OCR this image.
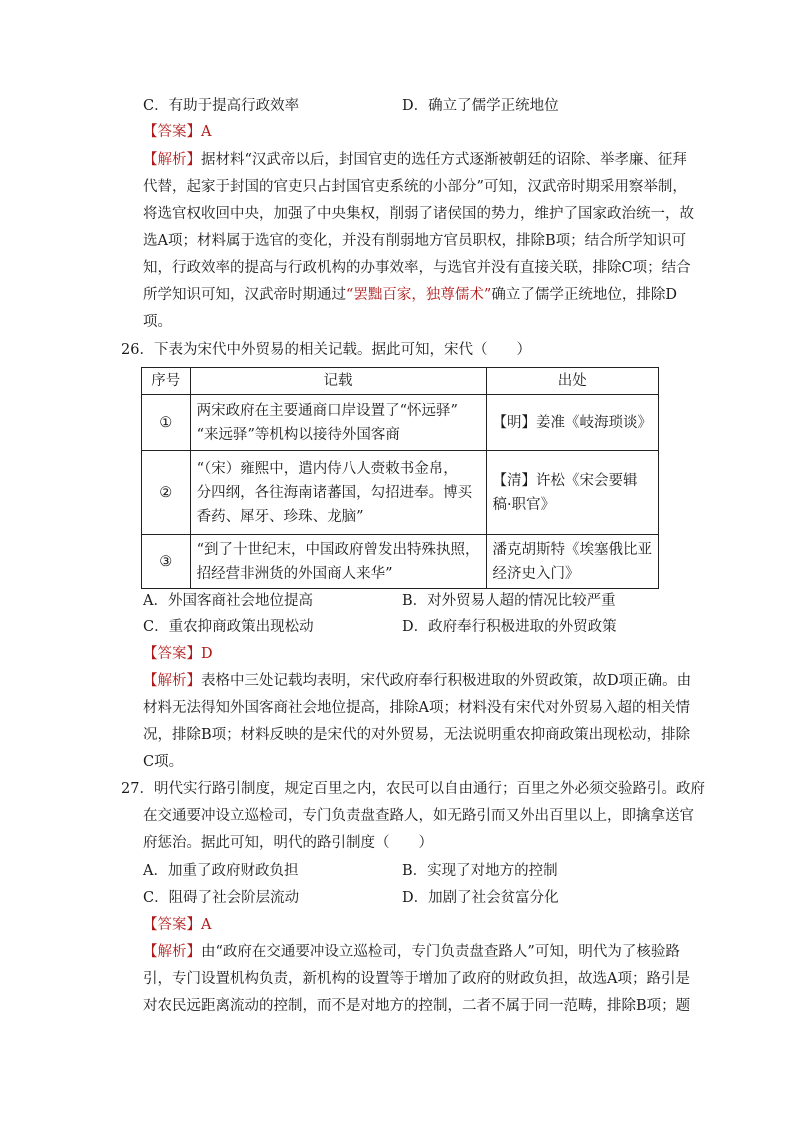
C．有助于提高行政效率	D．确立了儒学正统地位
【答案】A
【解析】据材料“汉武帝以后，封国官吏的选任方式逐渐被朝廷的诏除、举孝廉、征拜
代替，起家于封国的官吏只占封国官吏系统的小部分”可知，汉武帝时期采用察举制，
将选官权收回中央，加强了中央集权，削弱了诸侯国的势力，维护了国家政治统一，故
选A项；材料属于选官的变化，并没有削弱地方官员职权，排除B项；结合所学知识可
知，行政效率的提高与行政机构的办事效率，与选官并没有直接关联，排除C项；结合
所学知识可知，汉武帝时期通过“罢黜百家，独尊儒术”确立了儒学正统地位，排除D
项。
26．下表为宋代中外贸易的相关记载。据此可知，宋代（　　）
序号	记载	出处
①	两宋政府在主要通商口岸设置了“怀远驿”
“来远驿”等机构以接待外国客商	【明】姜准《岐海琐谈》

②	“（宋）雍熙中，遣内侍八人赍敕书金帛，
分四纲，各往海南诸蕃国，勾招进奉。博买
香药、犀牙、珍珠、龙脑”	【清】许松《宋会要辑
稿·职官》

③	“到了十世纪末，中国政府曾发出特殊执照，
招经营非洲货的外国商人来华”	潘克胡斯特《埃塞俄比亚
经济史入门》
A．外国客商社会地位提高	B．对外贸易人超的情况比较严重
C．重农抑商政策出现松动	D．政府奉行积极进取的外贸政策
【答案】D
【解析】表格中三处记载均表明，宋代政府奉行积极进取的外贸政策，故D项正确。由
材料无法得知外国客商社会地位提高，排除A项；材料没有宋代对外贸易入超的相关情
况，排除B项；材料反映的是宋代的对外贸易，无法说明重农抑商政策出现松动，排除
C项。
27．明代实行路引制度，规定百里之内，农民可以自由通行；百里之外必须交验路引。政府
在交通要冲设立巡检司，专门负责盘查路人，如无路引而又外出百里以上，即擒拿送官
府惩治。据此可知，明代的路引制度（　　）
A．加重了政府财政负担	B．实现了对地方的控制
C．阻碍了社会阶层流动	D．加剧了社会贫富分化
【答案】A
【解析】由“政府在交通要冲设立巡检司，专门负责盘查路人”可知，明代为了核验路
引，专门设置机构负责，新机构的设置等于增加了政府的财政负担，故选A项；路引是
对农民远距离流动的控制，而不是对地方的控制，二者不属于同一范畴，排除B项；题
